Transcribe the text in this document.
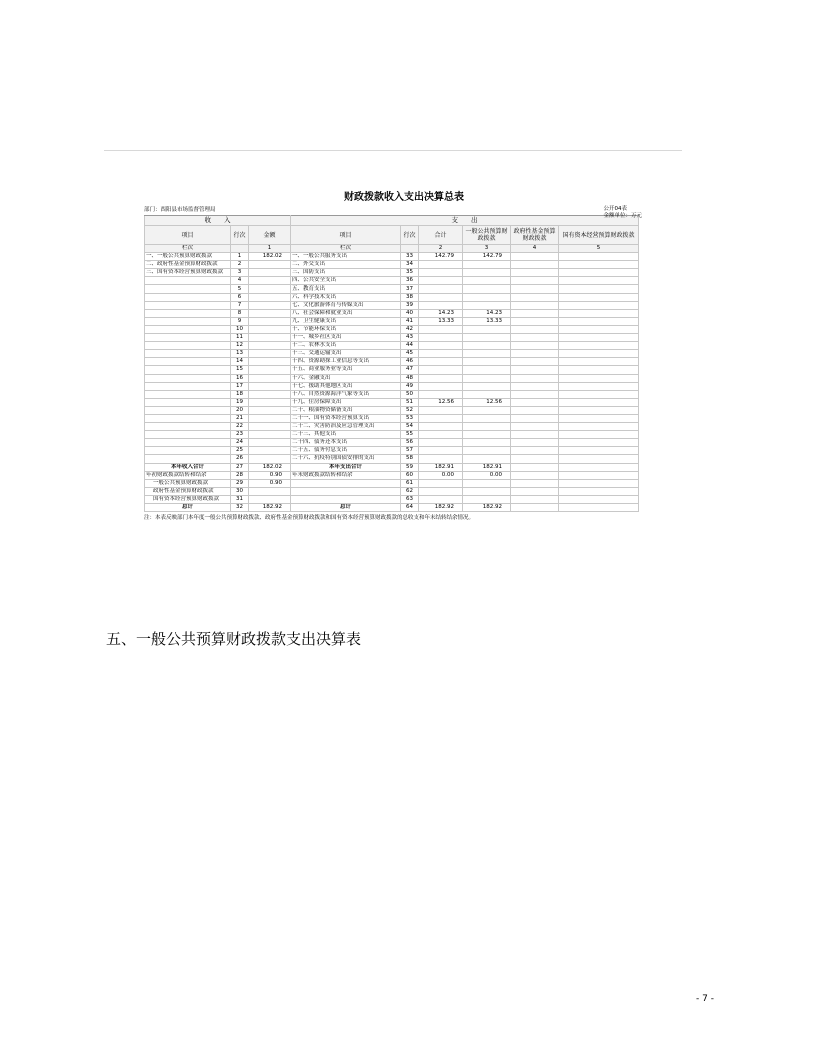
财政拨款收入支出决算总表
公开04表
金额单位：万元
部门：酉阳县市场监督管理局
收　　入			支　　出					
项目	行次	金额	项目	行次	合计	一般公共预算财政拨款	政府性基金预算财政拨款	国有资本经营预算财政拨款
栏次		1	栏次		2	3	4	5
一、一般公共预算财政拨款	1	182.02	一、一般公共服务支出	33	142.79	142.79		
二、政府性基金预算财政拨款	2		二、外交支出	34				
三、国有资本经营预算财政拨款	3		三、国防支出	35				
	4		四、公共安全支出	36				
	5		五、教育支出	37				
	6		六、科学技术支出	38				
	7		七、文化旅游体育与传媒支出	39				
	8		八、社会保障和就业支出	40	14.23	14.23		
	9		九、卫生健康支出	41	13.33	13.33		
	10		十、节能环保支出	42				
	11		十一、城乡社区支出	43				
	12		十二、农林水支出	44				
	13		十三、交通运输支出	45				
	14		十四、资源勘探工业信息等支出	46				
	15		十五、商业服务业等支出	47				
	16		十六、金融支出	48				
	17		十七、援助其他地区支出	49				
	18		十八、自然资源海洋气象等支出	50				
	19		十九、住房保障支出	51	12.56	12.56		
	20		二十、粮油物资储备支出	52				
	21		二十一、国有资本经营预算支出	53				
	22		二十二、灾害防治及应急管理支出	54				
	23		二十三、其他支出	55				
	24		二十四、债务还本支出	56				
	25		二十五、债务付息支出	57				
	26		二十六、抗疫特别国债安排的支出	58				
本年收入合计	27	182.02	本年支出合计	59	182.91	182.91		
年初财政拨款结转和结余	28	0.90	年末财政拨款结转和结余	60	0.00	0.00		
一般公共预算财政拨款	29	0.90		61				
政府性基金预算财政拨款	30			62				
国有资本经营预算财政拨款	31			63				
总计	32	182.92	总计	64	182.92	182.92		
注：本表反映部门本年度一般公共预算财政拨款、政府性基金预算财政拨款和国有资本经营预算财政拨款的总收支和年末结转结余情况。
五、一般公共预算财政拨款支出决算表
- 7 -
